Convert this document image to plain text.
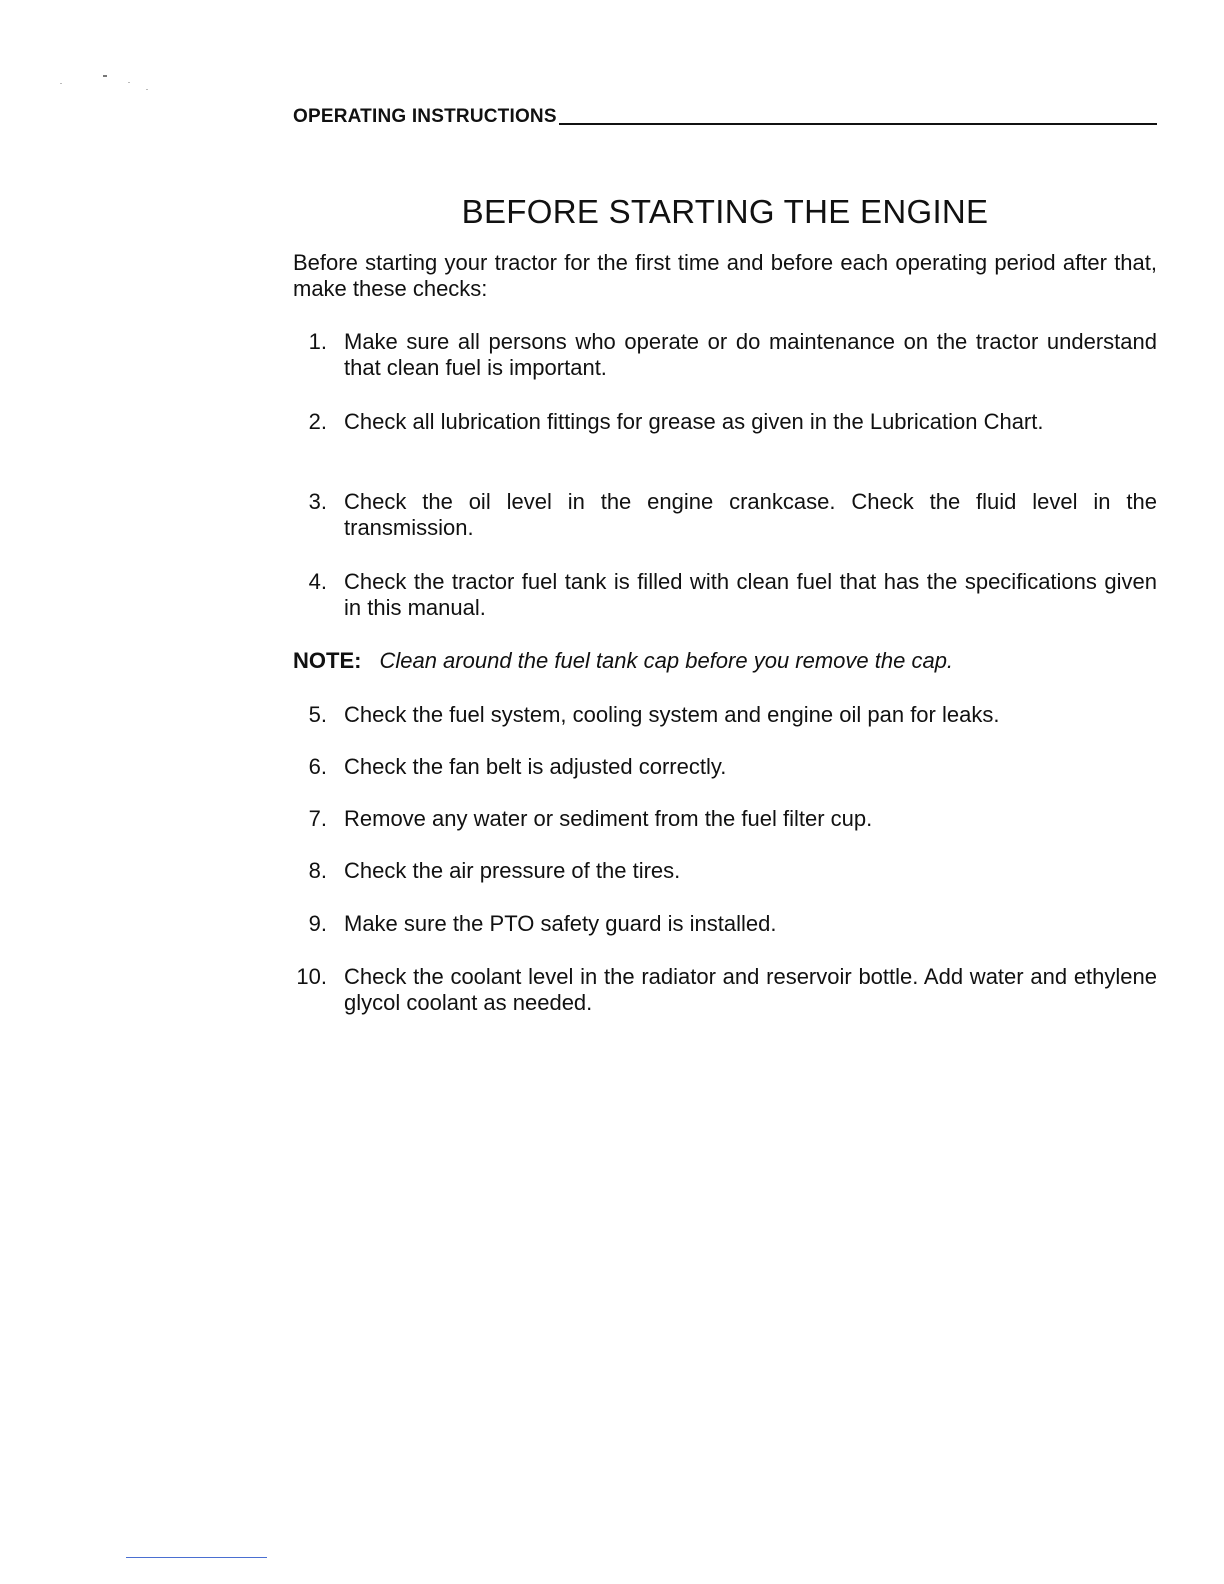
OPERATING INSTRUCTIONS
BEFORE STARTING THE ENGINE

Before starting your tractor for the first time and before each operating period after that, make these checks:

1. Make sure all persons who operate or do maintenance on the tractor understand that clean fuel is important.
2. Check all lubrication fittings for grease as given in the Lubrication Chart.
3. Check the oil level in the engine crankcase. Check the fluid level in the transmission.
4. Check the tractor fuel tank is filled with clean fuel that has the specifications given in this manual.
NOTE: Clean around the fuel tank cap before you remove the cap.
5. Check the fuel system, cooling system and engine oil pan for leaks.
6. Check the fan belt is adjusted correctly.
7. Remove any water or sediment from the fuel filter cup.
8. Check the air pressure of the tires.
9. Make sure the PTO safety guard is installed.
10. Check the coolant level in the radiator and reservoir bottle. Add water and ethylene glycol coolant as needed.
